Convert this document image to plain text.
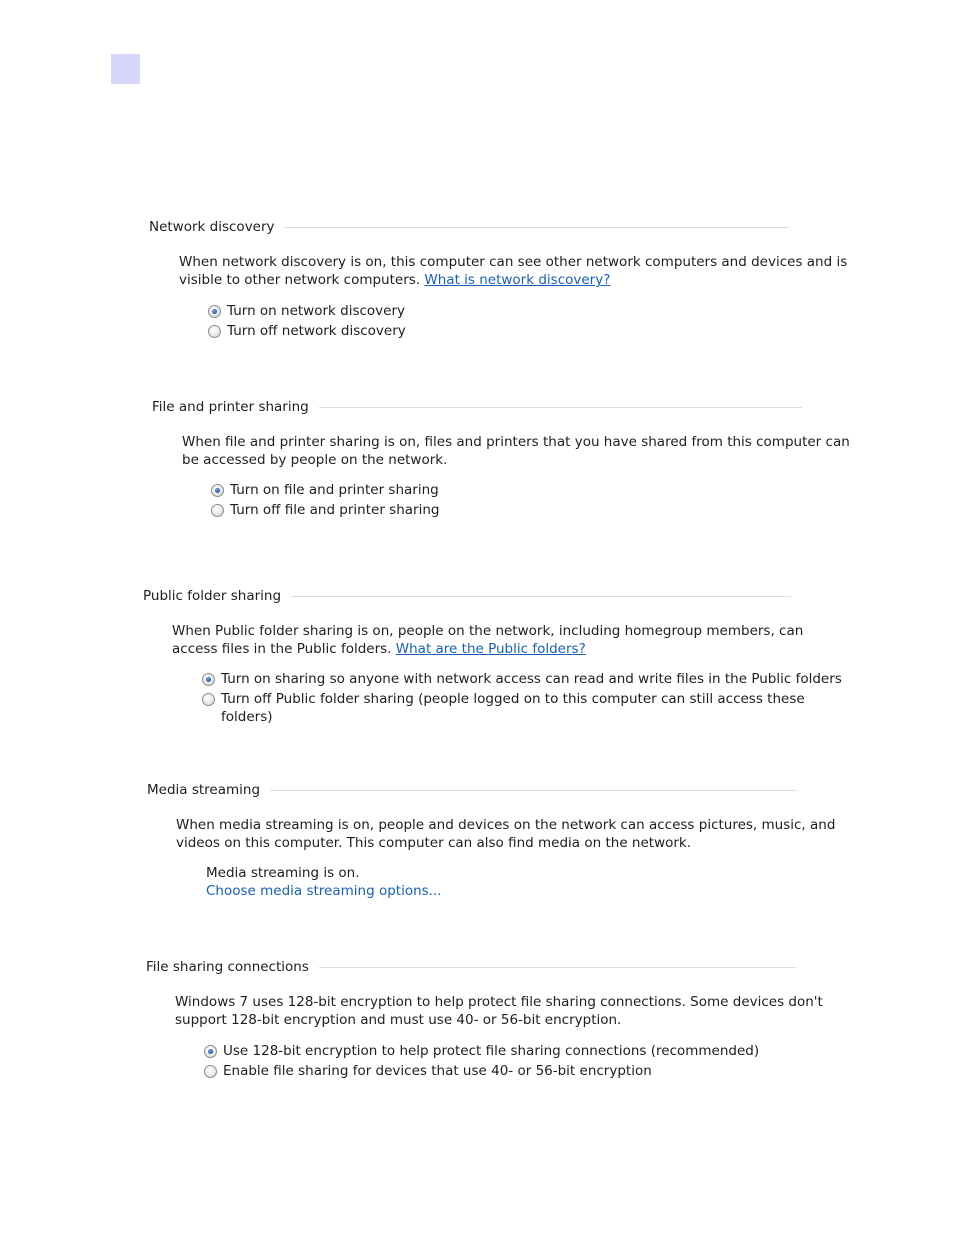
Network discovery
When network discovery is on, this computer can see other network computers and devices and is
visible to other network computers. What is network discovery?
Turn on network discovery
Turn off network discovery
File and printer sharing
When file and printer sharing is on, files and printers that you have shared from this computer can
be accessed by people on the network.
Turn on file and printer sharing
Turn off file and printer sharing
Public folder sharing
When Public folder sharing is on, people on the network, including homegroup members, can
access files in the Public folders. What are the Public folders?
Turn on sharing so anyone with network access can read and write files in the Public folders
Turn off Public folder sharing (people logged on to this computer can still access these
folders)
Media streaming
When media streaming is on, people and devices on the network can access pictures, music, and
videos on this computer. This computer can also find media on the network.
Media streaming is on.
Choose media streaming options...
File sharing connections
Windows 7 uses 128-bit encryption to help protect file sharing connections. Some devices don't
support 128-bit encryption and must use 40- or 56-bit encryption.
Use 128-bit encryption to help protect file sharing connections (recommended)
Enable file sharing for devices that use 40- or 56-bit encryption
